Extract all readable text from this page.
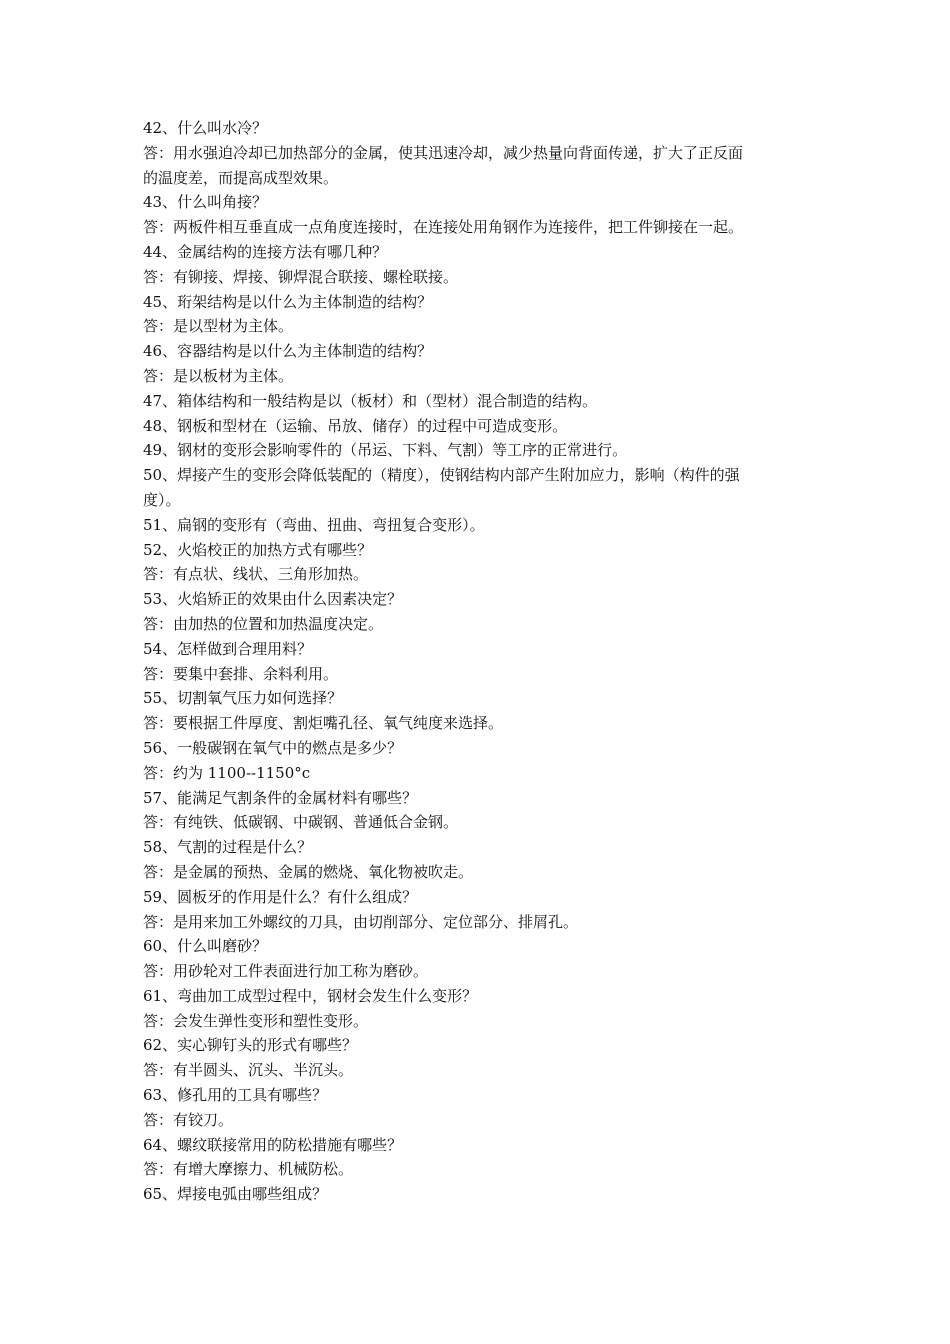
42、什么叫水冷？
答：用水强迫冷却已加热部分的金属，使其迅速冷却，减少热量向背面传递，扩大了正反面
的温度差，而提高成型效果。
43、什么叫角接？
答：两板件相互垂直成一点角度连接时，在连接处用角钢作为连接件，把工件铆接在一起。
44、金属结构的连接方法有哪几种？
答：有铆接、焊接、铆焊混合联接、螺栓联接。
45、珩架结构是以什么为主体制造的结构？
答：是以型材为主体。
46、容器结构是以什么为主体制造的结构？
答：是以板材为主体。
47、箱体结构和一般结构是以（板材）和（型材）混合制造的结构。
48、钢板和型材在（运输、吊放、储存）的过程中可造成变形。
49、钢材的变形会影响零件的（吊运、下料、气割）等工序的正常进行。
50、焊接产生的变形会降低装配的（精度），使钢结构内部产生附加应力，影响（构件的强
度）。
51、扁钢的变形有（弯曲、扭曲、弯扭复合变形）。
52、火焰校正的加热方式有哪些？
答：有点状、线状、三角形加热。
53、火焰矫正的效果由什么因素决定？
答：由加热的位置和加热温度决定。
54、怎样做到合理用料？
答：要集中套排、余料利用。
55、切割氧气压力如何选择？
答：要根据工件厚度、割炬嘴孔径、氧气纯度来选择。
56、一般碳钢在氧气中的燃点是多少？
答：约为 1100--1150°c
57、能满足气割条件的金属材料有哪些？
答：有纯铁、低碳钢、中碳钢、普通低合金钢。
58、气割的过程是什么？
答：是金属的预热、金属的燃烧、氧化物被吹走。
59、圆板牙的作用是什么？有什么组成？
答：是用来加工外螺纹的刀具，由切削部分、定位部分、排屑孔。
60、什么叫磨砂？
答：用砂轮对工件表面进行加工称为磨砂。
61、弯曲加工成型过程中，钢材会发生什么变形？
答：会发生弹性变形和塑性变形。
62、实心铆钉头的形式有哪些？
答：有半圆头、沉头、半沉头。
63、修孔用的工具有哪些？
答：有铰刀。
64、螺纹联接常用的防松措施有哪些？
答：有增大摩擦力、机械防松。
65、焊接电弧由哪些组成？
